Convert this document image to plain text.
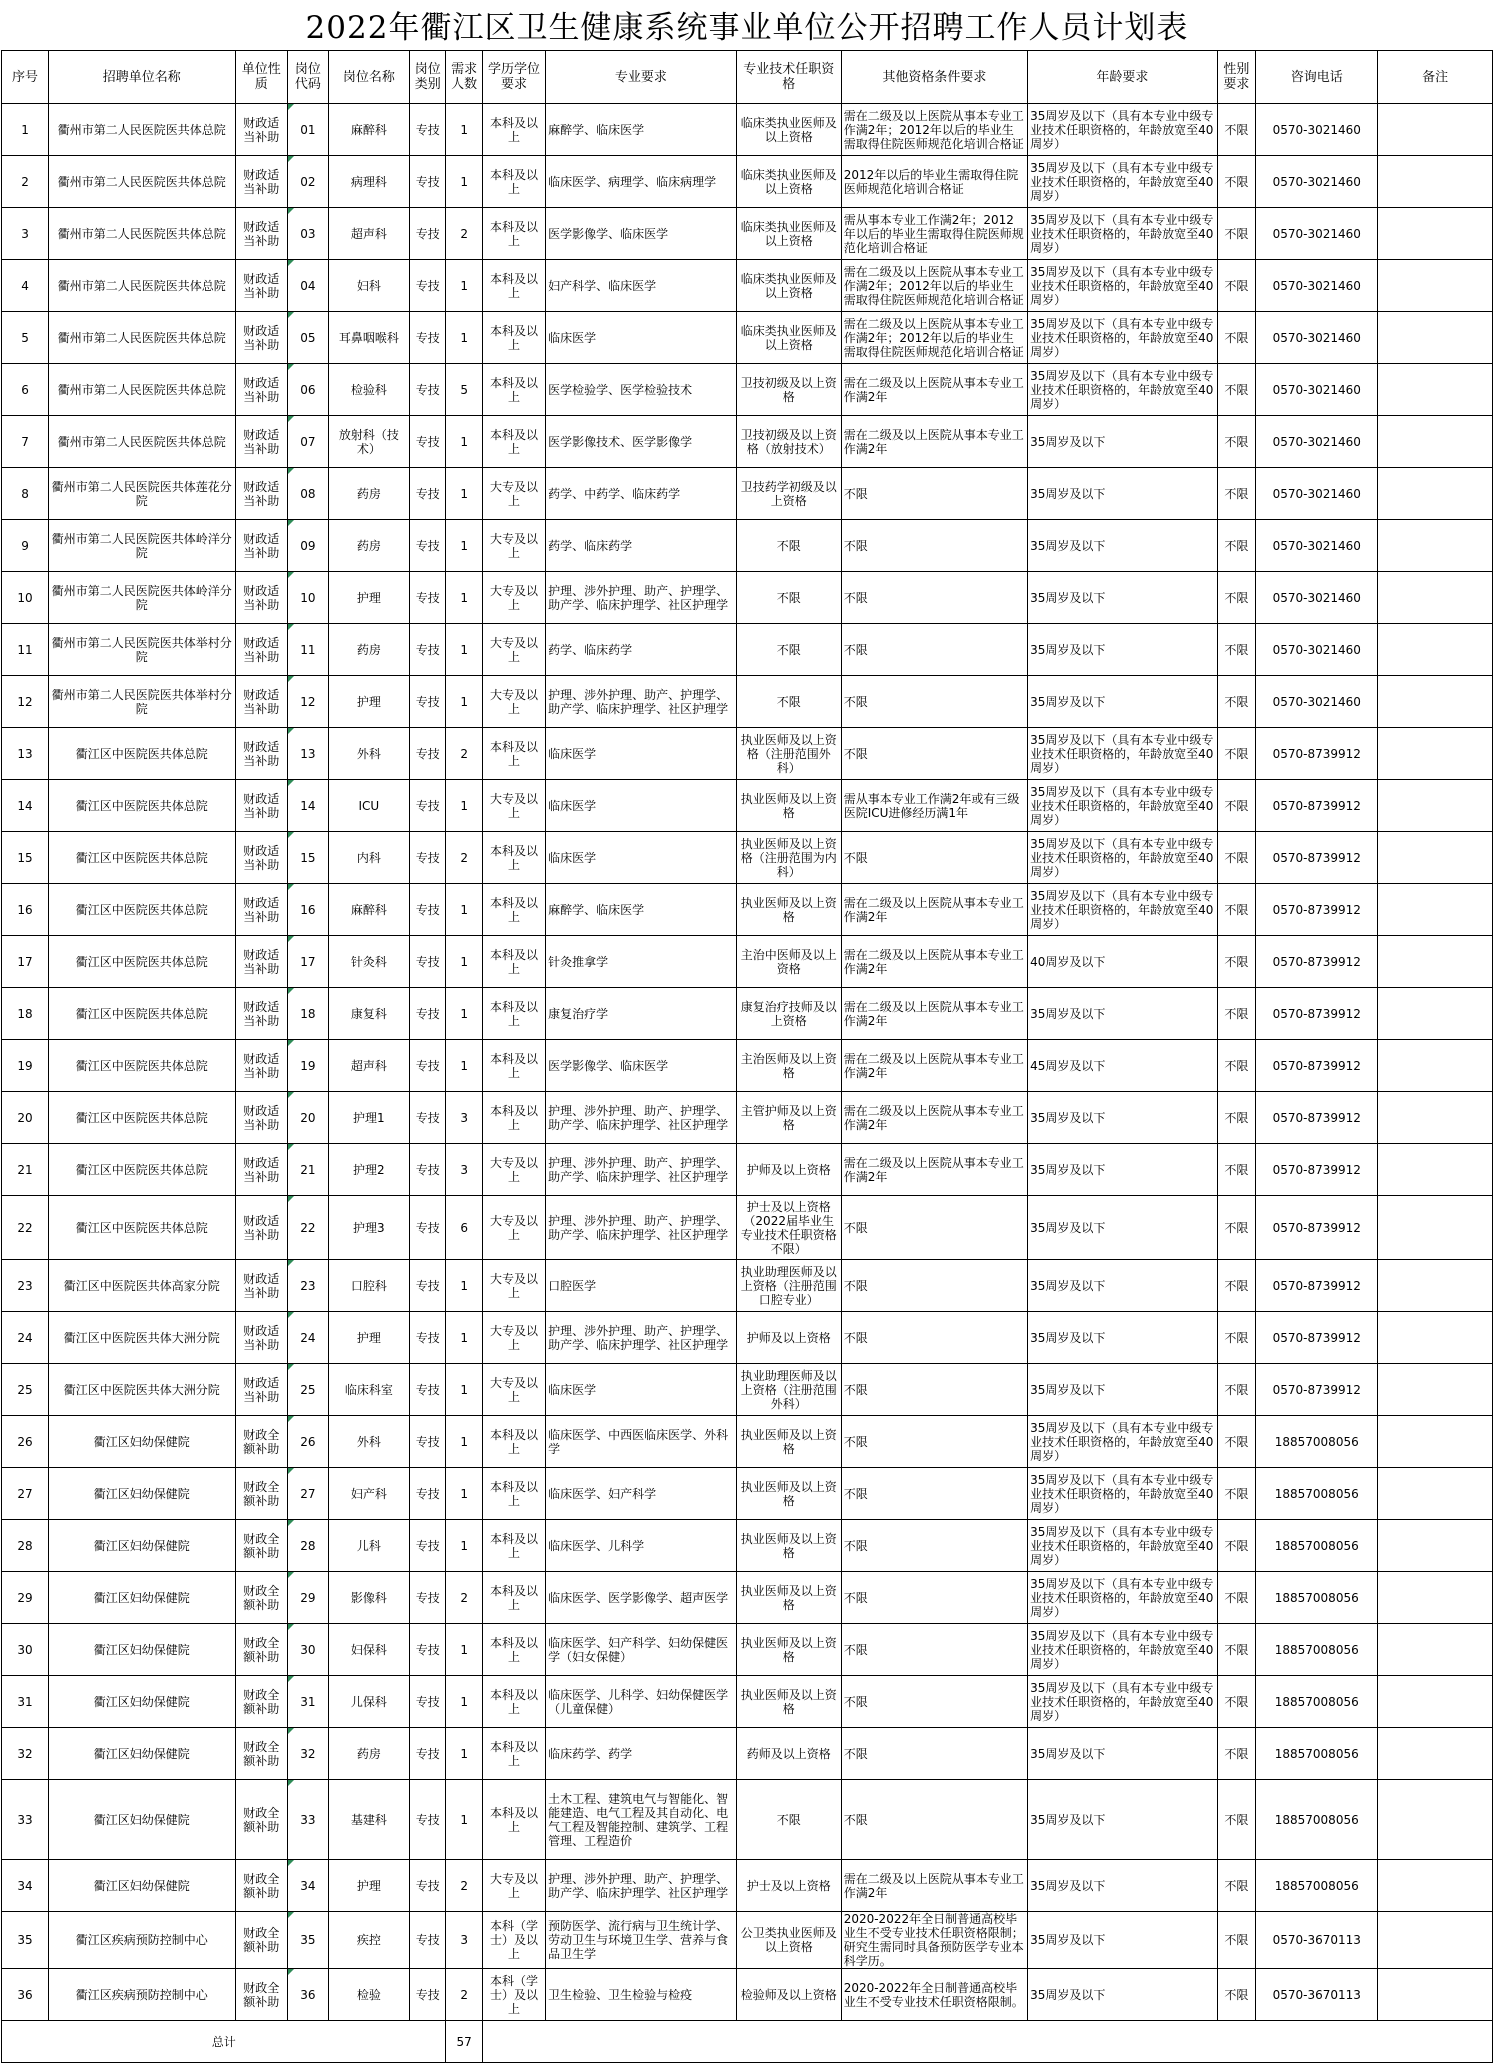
2022年衢江区卫生健康系统事业单位公开招聘工作人员计划表
序号	招聘单位名称	单位性质	岗位代码	岗位名称	岗位类别	需求人数	学历学位要求	专业要求	专业技术任职资格	其他资格条件要求	年龄要求	性别要求	咨询电话	备注
1	衢州市第二人民医院医共体总院	财政适当补助	01	麻醉科	专技	1	本科及以上	麻醉学、临床医学	临床类执业医师及以上资格	需在二级及以上医院从事本专业工作满2年；2012年以后的毕业生需取得住院医师规范化培训合格证	35周岁及以下（具有本专业中级专业技术任职资格的，年龄放宽至40周岁）	不限	0570-3021460	
2	衢州市第二人民医院医共体总院	财政适当补助	02	病理科	专技	1	本科及以上	临床医学、病理学、临床病理学	临床类执业医师及以上资格	2012年以后的毕业生需取得住院医师规范化培训合格证	35周岁及以下（具有本专业中级专业技术任职资格的，年龄放宽至40周岁）	不限	0570-3021460	
3	衢州市第二人民医院医共体总院	财政适当补助	03	超声科	专技	2	本科及以上	医学影像学、临床医学	临床类执业医师及以上资格	需从事本专业工作满2年；2012年以后的毕业生需取得住院医师规范化培训合格证	35周岁及以下（具有本专业中级专业技术任职资格的，年龄放宽至40周岁）	不限	0570-3021460	
4	衢州市第二人民医院医共体总院	财政适当补助	04	妇科	专技	1	本科及以上	妇产科学、临床医学	临床类执业医师及以上资格	需在二级及以上医院从事本专业工作满2年；2012年以后的毕业生需取得住院医师规范化培训合格证	35周岁及以下（具有本专业中级专业技术任职资格的，年龄放宽至40周岁）	不限	0570-3021460	
5	衢州市第二人民医院医共体总院	财政适当补助	05	耳鼻咽喉科	专技	1	本科及以上	临床医学	临床类执业医师及以上资格	需在二级及以上医院从事本专业工作满2年；2012年以后的毕业生需取得住院医师规范化培训合格证	35周岁及以下（具有本专业中级专业技术任职资格的，年龄放宽至40周岁）	不限	0570-3021460	
6	衢州市第二人民医院医共体总院	财政适当补助	06	检验科	专技	5	本科及以上	医学检验学、医学检验技术	卫技初级及以上资格	需在二级及以上医院从事本专业工作满2年	35周岁及以下（具有本专业中级专业技术任职资格的，年龄放宽至40周岁）	不限	0570-3021460	
7	衢州市第二人民医院医共体总院	财政适当补助	07	放射科（技术）	专技	1	本科及以上	医学影像技术、医学影像学	卫技初级及以上资格（放射技术）	需在二级及以上医院从事本专业工作满2年	35周岁及以下	不限	0570-3021460	
8	衢州市第二人民医院医共体莲花分院	财政适当补助	08	药房	专技	1	大专及以上	药学、中药学、临床药学	卫技药学初级及以上资格	不限	35周岁及以下	不限	0570-3021460	
9	衢州市第二人民医院医共体岭洋分院	财政适当补助	09	药房	专技	1	大专及以上	药学、临床药学	不限	不限	35周岁及以下	不限	0570-3021460	
10	衢州市第二人民医院医共体岭洋分院	财政适当补助	10	护理	专技	1	大专及以上	护理、涉外护理、助产、护理学、助产学、临床护理学、社区护理学	不限	不限	35周岁及以下	不限	0570-3021460	
11	衢州市第二人民医院医共体举村分院	财政适当补助	11	药房	专技	1	大专及以上	药学、临床药学	不限	不限	35周岁及以下	不限	0570-3021460	
12	衢州市第二人民医院医共体举村分院	财政适当补助	12	护理	专技	1	大专及以上	护理、涉外护理、助产、护理学、助产学、临床护理学、社区护理学	不限	不限	35周岁及以下	不限	0570-3021460	
13	衢江区中医院医共体总院	财政适当补助	13	外科	专技	2	本科及以上	临床医学	执业医师及以上资格（注册范围外科）	不限	35周岁及以下（具有本专业中级专业技术任职资格的，年龄放宽至40周岁）	不限	0570-8739912	
14	衢江区中医院医共体总院	财政适当补助	14	ICU	专技	1	大专及以上	临床医学	执业医师及以上资格	需从事本专业工作满2年或有三级医院ICU进修经历满1年	35周岁及以下（具有本专业中级专业技术任职资格的，年龄放宽至40周岁）	不限	0570-8739912	
15	衢江区中医院医共体总院	财政适当补助	15	内科	专技	2	本科及以上	临床医学	执业医师及以上资格（注册范围为内科）	不限	35周岁及以下（具有本专业中级专业技术任职资格的，年龄放宽至40周岁）	不限	0570-8739912	
16	衢江区中医院医共体总院	财政适当补助	16	麻醉科	专技	1	本科及以上	麻醉学、临床医学	执业医师及以上资格	需在二级及以上医院从事本专业工作满2年	35周岁及以下（具有本专业中级专业技术任职资格的，年龄放宽至40周岁）	不限	0570-8739912	
17	衢江区中医院医共体总院	财政适当补助	17	针灸科	专技	1	本科及以上	针灸推拿学	主治中医师及以上资格	需在二级及以上医院从事本专业工作满2年	40周岁及以下	不限	0570-8739912	
18	衢江区中医院医共体总院	财政适当补助	18	康复科	专技	1	本科及以上	康复治疗学	康复治疗技师及以上资格	需在二级及以上医院从事本专业工作满2年	35周岁及以下	不限	0570-8739912	
19	衢江区中医院医共体总院	财政适当补助	19	超声科	专技	1	本科及以上	医学影像学、临床医学	主治医师及以上资格	需在二级及以上医院从事本专业工作满2年	45周岁及以下	不限	0570-8739912	
20	衢江区中医院医共体总院	财政适当补助	20	护理1	专技	3	本科及以上	护理、涉外护理、助产、护理学、助产学、临床护理学、社区护理学	主管护师及以上资格	需在二级及以上医院从事本专业工作满2年	35周岁及以下	不限	0570-8739912	
21	衢江区中医院医共体总院	财政适当补助	21	护理2	专技	3	大专及以上	护理、涉外护理、助产、护理学、助产学、临床护理学、社区护理学	护师及以上资格	需在二级及以上医院从事本专业工作满2年	35周岁及以下	不限	0570-8739912	
22	衢江区中医院医共体总院	财政适当补助	22	护理3	专技	6	大专及以上	护理、涉外护理、助产、护理学、助产学、临床护理学、社区护理学	护士及以上资格（2022届毕业生专业技术任职资格不限）	不限	35周岁及以下	不限	0570-8739912	
23	衢江区中医院医共体高家分院	财政适当补助	23	口腔科	专技	1	大专及以上	口腔医学	执业助理医师及以上资格（注册范围口腔专业）	不限	35周岁及以下	不限	0570-8739912	
24	衢江区中医院医共体大洲分院	财政适当补助	24	护理	专技	1	大专及以上	护理、涉外护理、助产、护理学、助产学、临床护理学、社区护理学	护师及以上资格	不限	35周岁及以下	不限	0570-8739912	
25	衢江区中医院医共体大洲分院	财政适当补助	25	临床科室	专技	1	大专及以上	临床医学	执业助理医师及以上资格（注册范围外科）	不限	35周岁及以下	不限	0570-8739912	
26	衢江区妇幼保健院	财政全额补助	26	外科	专技	1	本科及以上	临床医学、中西医临床医学、外科学	执业医师及以上资格	不限	35周岁及以下（具有本专业中级专业技术任职资格的，年龄放宽至40周岁）	不限	18857008056	
27	衢江区妇幼保健院	财政全额补助	27	妇产科	专技	1	本科及以上	临床医学、妇产科学	执业医师及以上资格	不限	35周岁及以下（具有本专业中级专业技术任职资格的，年龄放宽至40周岁）	不限	18857008056	
28	衢江区妇幼保健院	财政全额补助	28	儿科	专技	1	本科及以上	临床医学、儿科学	执业医师及以上资格	不限	35周岁及以下（具有本专业中级专业技术任职资格的，年龄放宽至40周岁）	不限	18857008056	
29	衢江区妇幼保健院	财政全额补助	29	影像科	专技	2	本科及以上	临床医学、医学影像学、超声医学	执业医师及以上资格	不限	35周岁及以下（具有本专业中级专业技术任职资格的，年龄放宽至40周岁）	不限	18857008056	
30	衢江区妇幼保健院	财政全额补助	30	妇保科	专技	1	本科及以上	临床医学、妇产科学、妇幼保健医学（妇女保健）	执业医师及以上资格	不限	35周岁及以下（具有本专业中级专业技术任职资格的，年龄放宽至40周岁）	不限	18857008056	
31	衢江区妇幼保健院	财政全额补助	31	儿保科	专技	1	本科及以上	临床医学、儿科学、妇幼保健医学（儿童保健）	执业医师及以上资格	不限	35周岁及以下（具有本专业中级专业技术任职资格的，年龄放宽至40周岁）	不限	18857008056	
32	衢江区妇幼保健院	财政全额补助	32	药房	专技	1	本科及以上	临床药学、药学	药师及以上资格	不限	35周岁及以下	不限	18857008056	
33	衢江区妇幼保健院	财政全额补助	33	基建科	专技	1	本科及以上	土木工程、建筑电气与智能化、智能建造、电气工程及其自动化、电气工程及智能控制、建筑学、工程管理、工程造价	不限	不限	35周岁及以下	不限	18857008056	
34	衢江区妇幼保健院	财政全额补助	34	护理	专技	2	大专及以上	护理、涉外护理、助产、护理学、助产学、临床护理学、社区护理学	护士及以上资格	需在二级及以上医院从事本专业工作满2年	35周岁及以下	不限	18857008056	
35	衢江区疾病预防控制中心	财政全额补助	35	疾控	专技	3	本科（学士）及以上	预防医学、流行病与卫生统计学、劳动卫生与环境卫生学、营养与食品卫生学	公卫类执业医师及以上资格	2020-2022年全日制普通高校毕业生不受专业技术任职资格限制；研究生需同时具备预防医学专业本科学历。	35周岁及以下	不限	0570-3670113	
36	衢江区疾病预防控制中心	财政全额补助	36	检验	专技	2	本科（学士）及以上	卫生检验、卫生检验与检疫	检验师及以上资格	2020-2022年全日制普通高校毕业生不受专业技术任职资格限制。	35周岁及以下	不限	0570-3670113	
总计						57								
